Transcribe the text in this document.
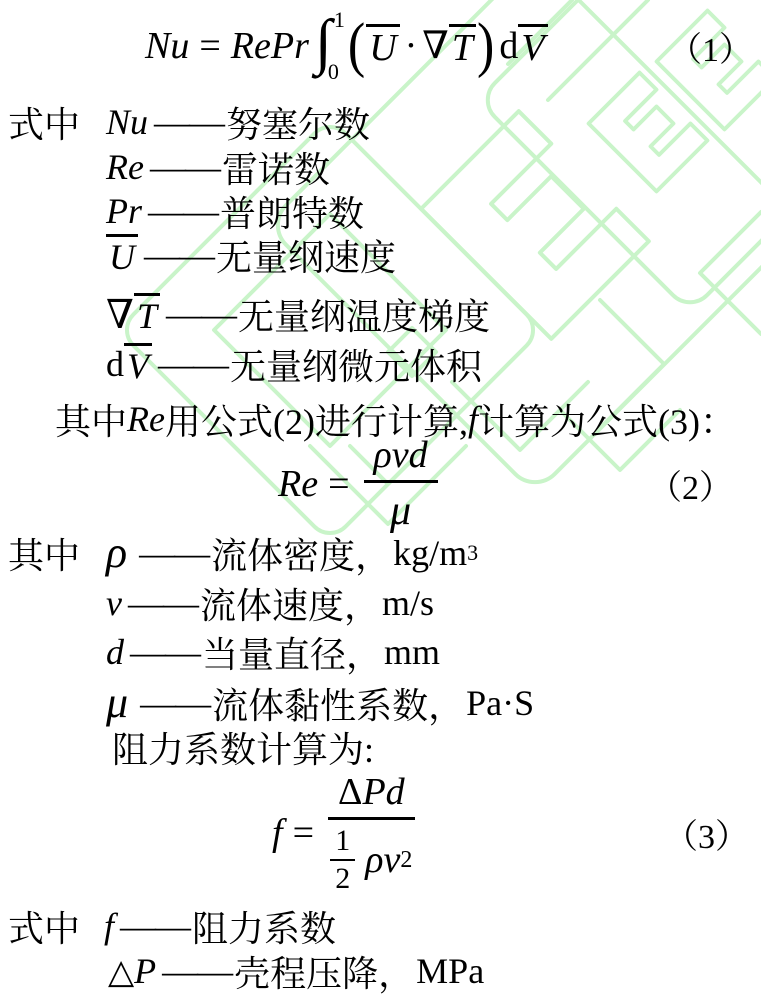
Nu = RePr ∫ 1
0 ( U · ∇ T ) d V	（1）
式中 Nu —— 努塞尔数
Re —— 雷诺数
Pr —— 普朗特数
U —— 无量纲速度
∇ T —— 无量纲温度梯度
d V —— 无量纲微元体积
其中 Re 用公式(2)进行计算, f 计算为公式(3)：
$Re = \frac{\text{ρvd}}{\mu}$	（2）
其中 ρ —— 流体密度， kg/m 3
v —— 流体速度， m/s
d —— 当量直径， mm
μ —— 流体黏性系数， Pa·S
阻力系数计算为:
$f = \frac{\text{Δ Pd}}{\frac{1}{2} \rho v 2}$	（3）
式中 f —— 阻力系数
△ P —— 壳程压降， MPa
